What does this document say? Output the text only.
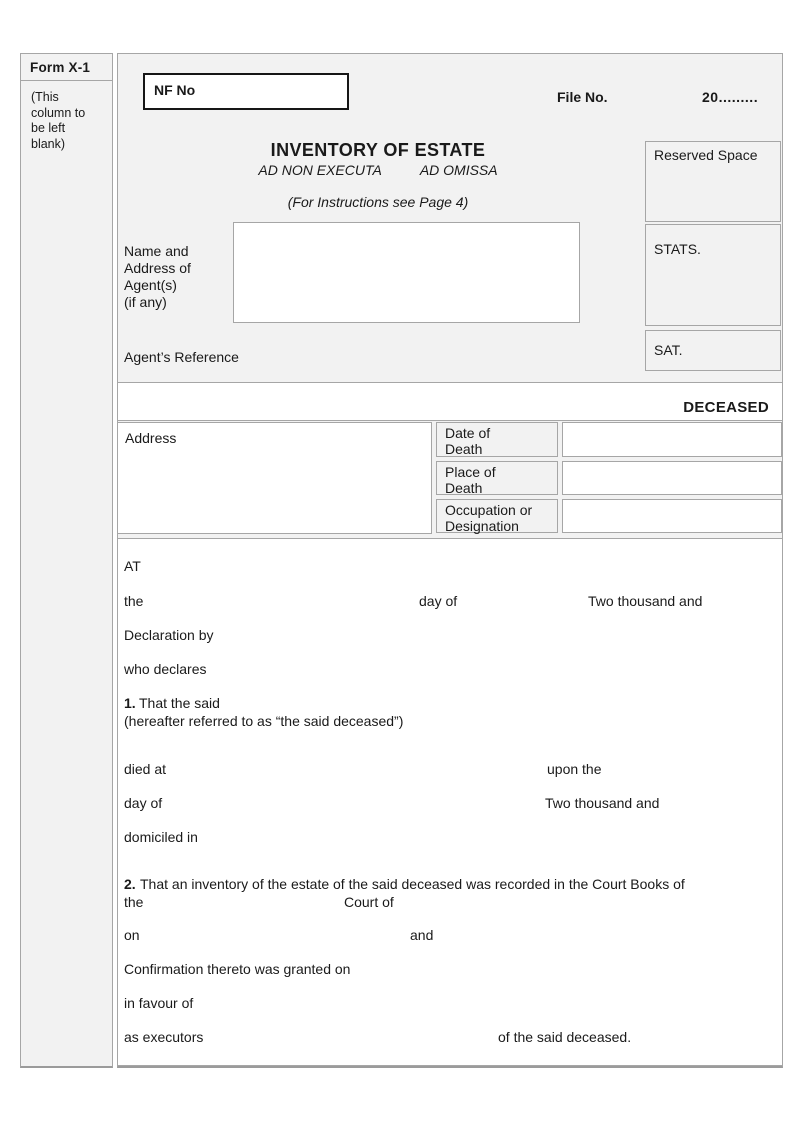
Form X-1
(This
column to
be left
blank)
NF No	File No.	20.........
INVENTORY OF ESTATE
AD NON EXECUTA	AD OMISSA
(For Instructions see Page 4)
Reserved Space
STATS.
SAT.
Name and
Address of
Agent(s)
(if any)
Agent’s Reference
DECEASED
Address
AT
the	day of	Two thousand and
Declaration by
who declares
1. That the said
(hereafter referred to as “the said deceased”)
died at	upon the
day of	Two thousand and
domiciled in
2. That an inventory of the estate of the said deceased was recorded in the Court Books of
the	Court of
on	and
Confirmation thereto was granted on
in favour of
as executors	of the said deceased.
Date of
Death
Place of
Death
Occupation or
Designation
